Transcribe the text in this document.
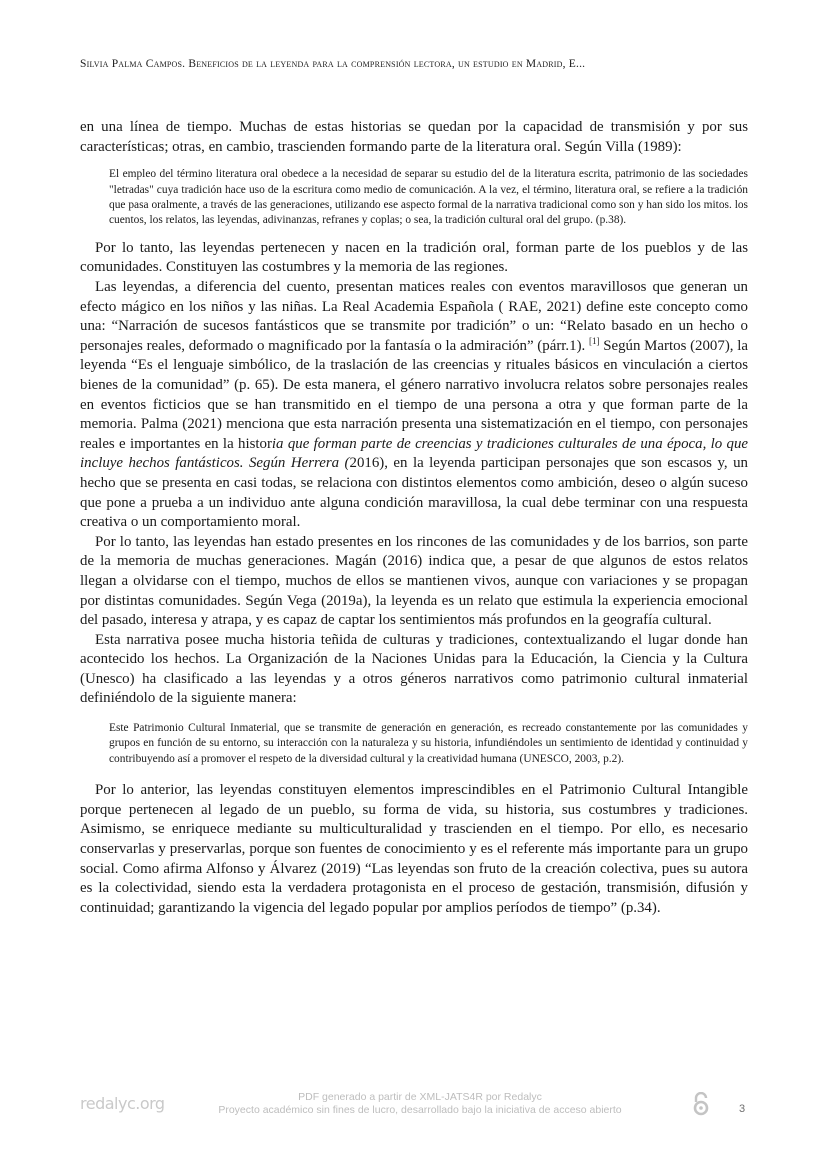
Silvia Palma Campos. Beneficios de la leyenda para la comprensión lectora, un estudio en Madrid, E...

en una línea de tiempo. Muchas de estas historias se quedan por la capacidad de transmisión y por sus características; otras, en cambio, trascienden formando parte de la literatura oral. Según Villa (1989):

El empleo del término literatura oral obedece a la necesidad de separar su estudio del de la literatura escrita, patrimonio de las sociedades "letradas" cuya tradición hace uso de la escritura como medio de comunicación. A la vez, el término, literatura oral, se refiere a la tradición que pasa oralmente, a través de las generaciones, utilizando ese aspecto formal de la narrativa tradicional como son y han sido los mitos. los cuentos, los relatos, las leyendas, adivinanzas, refranes y coplas; o sea, la tradición cultural oral del grupo. (p.38).

Por lo tanto, las leyendas pertenecen y nacen en la tradición oral, forman parte de los pueblos y de las comunidades. Constituyen las costumbres y la memoria de las regiones.

Las leyendas, a diferencia del cuento, presentan matices reales con eventos maravillosos que generan un efecto mágico en los niños y las niñas. La Real Academia Española ( RAE, 2021) define este concepto como una: “Narración de sucesos fantásticos que se transmite por tradición” o un: “Relato basado en un hecho o personajes reales, deformado o magnificado por la fantasía o la admiración” (párr.1). [1] Según Martos (2007), la leyenda “Es el lenguaje simbólico, de la traslación de las creencias y rituales básicos en vinculación a ciertos bienes de la comunidad” (p. 65). De esta manera, el género narrativo involucra relatos sobre personajes reales en eventos ficticios que se han transmitido en el tiempo de una persona a otra y que forman parte de la memoria. Palma (2021) menciona que esta narración presenta una sistematización en el tiempo, con personajes reales e importantes en la historia que forman parte de creencias y tradiciones culturales de una época, lo que incluye hechos fantásticos. Según Herrera (2016), en la leyenda participan personajes que son escasos y, un hecho que se presenta en casi todas, se relaciona con distintos elementos como ambición, deseo o algún suceso que pone a prueba a un individuo ante alguna condición maravillosa, la cual debe terminar con una respuesta creativa o un comportamiento moral.

Por lo tanto, las leyendas han estado presentes en los rincones de las comunidades y de los barrios, son parte de la memoria de muchas generaciones. Magán (2016) indica que, a pesar de que algunos de estos relatos llegan a olvidarse con el tiempo, muchos de ellos se mantienen vivos, aunque con variaciones y se propagan por distintas comunidades. Según Vega (2019a), la leyenda es un relato que estimula la experiencia emocional del pasado, interesa y atrapa, y es capaz de captar los sentimientos más profundos en la geografía cultural.

Esta narrativa posee mucha historia teñida de culturas y tradiciones, contextualizando el lugar donde han acontecido los hechos. La Organización de la Naciones Unidas para la Educación, la Ciencia y la Cultura (Unesco) ha clasificado a las leyendas y a otros géneros narrativos como patrimonio cultural inmaterial definiéndolo de la siguiente manera:

Este Patrimonio Cultural Inmaterial, que se transmite de generación en generación, es recreado constantemente por las comunidades y grupos en función de su entorno, su interacción con la naturaleza y su historia, infundiéndoles un sentimiento de identidad y continuidad y contribuyendo así a promover el respeto de la diversidad cultural y la creatividad humana (UNESCO, 2003, p.2).

Por lo anterior, las leyendas constituyen elementos imprescindibles en el Patrimonio Cultural Intangible porque pertenecen al legado de un pueblo, su forma de vida, su historia, sus costumbres y tradiciones. Asimismo, se enriquece mediante su multiculturalidad y trascienden en el tiempo. Por ello, es necesario conservarlas y preservarlas, porque son fuentes de conocimiento y es el referente más importante para un grupo social. Como afirma Alfonso y Álvarez (2019) “Las leyendas son fruto de la creación colectiva, pues su autora es la colectividad, siendo esta la verdadera protagonista en el proceso de gestación, transmisión, difusión y continuidad; garantizando la vigencia del legado popular por amplios períodos de tiempo” (p.34).

redalyc.org	PDF generado a partir de XML-JATS4R por Redalyc
Proyecto académico sin fines de lucro, desarrollado bajo la iniciativa de acceso abierto	3
